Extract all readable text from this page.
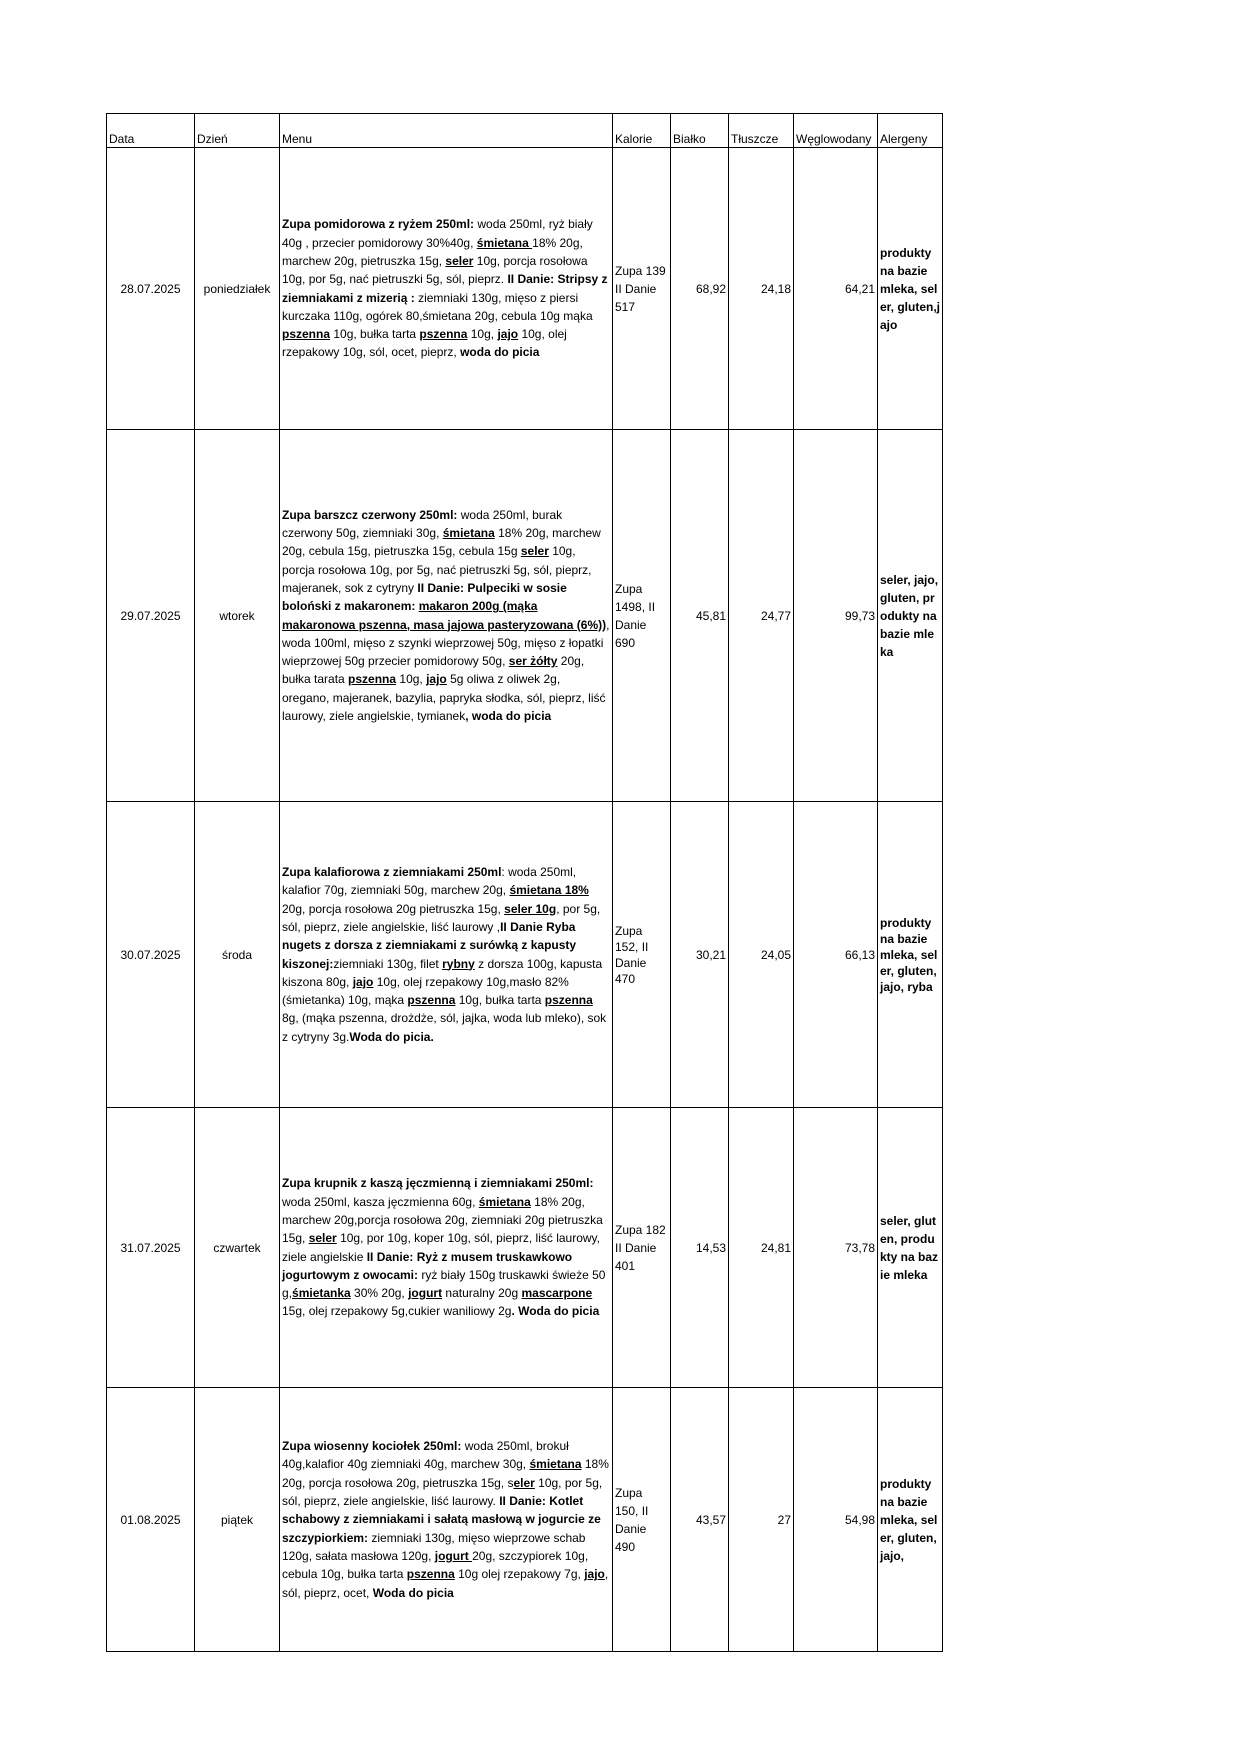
Data	Dzień	Menu	Kalorie	Białko	Tłuszcze	Węglowodany	Alergeny
28.07.2025	poniedziałek	Zupa pomidorowa z ryżem 250ml: woda 250ml, ryż biały 40g , przecier pomidorowy 30%40g, śmietana 18% 20g, marchew 20g, pietruszka 15g, seler 10g, porcja rosołowa 10g, por 5g, nać pietruszki 5g, sól, pieprz. II Danie: Stripsy z ziemniakami z mizerią : ziemniaki 130g, mięso z piersi kurczaka 110g, ogórek 80,śmietana 20g, cebula 10g mąka pszenna 10g, bułka tarta pszenna 10g, jajo 10g, olej rzepakowy 10g, sól, ocet, pieprz, woda do picia	Zupa 139 II Danie 517	68,92	24,18	64,21	produkty na bazie mleka, seler, gluten,jajo
29.07.2025	wtorek	Zupa barszcz czerwony 250ml: woda 250ml, burak czerwony 50g, ziemniaki 30g, śmietana 18% 20g, marchew 20g, cebula 15g, pietruszka 15g, cebula 15g seler 10g, porcja rosołowa 10g, por 5g, nać pietruszki 5g, sól, pieprz, majeranek, sok z cytryny II Danie: Pulpeciki w sosie boloński z makaronem: makaron 200g (mąka makaronowa pszenna, masa jajowa pasteryzowana (6%)), woda 100ml, mięso z szynki wieprzowej 50g, mięso z łopatki wieprzowej 50g przecier pomidorowy 50g, ser żółty 20g, bułka tarata pszenna 10g, jajo 5g oliwa z oliwek 2g, oregano, majeranek, bazylia, papryka słodka, sól, pieprz, liść laurowy, ziele angielskie, tymianek, woda do picia	Zupa 1498, II Danie 690	45,81	24,77	99,73	seler, jajo, gluten, produkty na bazie mleka
30.07.2025	środa	Zupa kalafiorowa z ziemniakami 250ml: woda 250ml, kalafior 70g, ziemniaki 50g, marchew 20g, śmietana 18% 20g, porcja rosołowa 20g pietruszka 15g, seler 10g, por 5g, sól, pieprz, ziele angielskie, liść laurowy ,II Danie Ryba nugets z dorsza z ziemniakami z surówką z kapusty kiszonej:ziemniaki 130g, filet rybny z dorsza 100g, kapusta kiszona 80g, jajo 10g, olej rzepakowy 10g,masło 82%(śmietanka) 10g, mąka pszenna 10g, bułka tarta pszenna 8g, (mąka pszenna, drożdże, sól, jajka, woda lub mleko), sok z cytryny 3g.Woda do picia.	Zupa 152, II Danie 470	30,21	24,05	66,13	produkty na bazie mleka, seler, gluten, jajo, ryba
31.07.2025	czwartek	Zupa krupnik z kaszą jęczmienną i ziemniakami 250ml: woda 250ml, kasza jęczmienna 60g, śmietana 18% 20g, marchew 20g,porcja rosołowa 20g, ziemniaki 20g pietruszka 15g, seler 10g, por 10g, koper 10g, sól, pieprz, liść laurowy, ziele angielskie II Danie: Ryż z musem truskawkowo jogurtowym z owocami: ryż biały 150g truskawki świeże 50 g,śmietanka 30% 20g, jogurt naturalny 20g mascarpone 15g, olej rzepakowy 5g,cukier waniliowy 2g. Woda do picia	Zupa 182 II Danie 401	14,53	24,81	73,78	seler, gluten, produkty na bazie mleka
01.08.2025	piątek	Zupa wiosenny kociołek 250ml: woda 250ml, brokuł 40g,kalafior 40g ziemniaki 40g, marchew 30g, śmietana 18% 20g, porcja rosołowa 20g, pietruszka 15g, seler 10g, por 5g, sól, pieprz, ziele angielskie, liść laurowy. II Danie: Kotlet schabowy z ziemniakami i sałatą masłową w jogurcie ze szczypiorkiem: ziemniaki 130g, mięso wieprzowe schab 120g, sałata masłowa 120g, jogurt 20g, szczypiorek 10g, cebula 10g, bułka tarta pszenna 10g olej rzepakowy 7g, jajo, sól, pieprz, ocet, Woda do picia	Zupa 150, II Danie 490	43,57	27	54,98	produkty na bazie mleka, seler, gluten, jajo,
